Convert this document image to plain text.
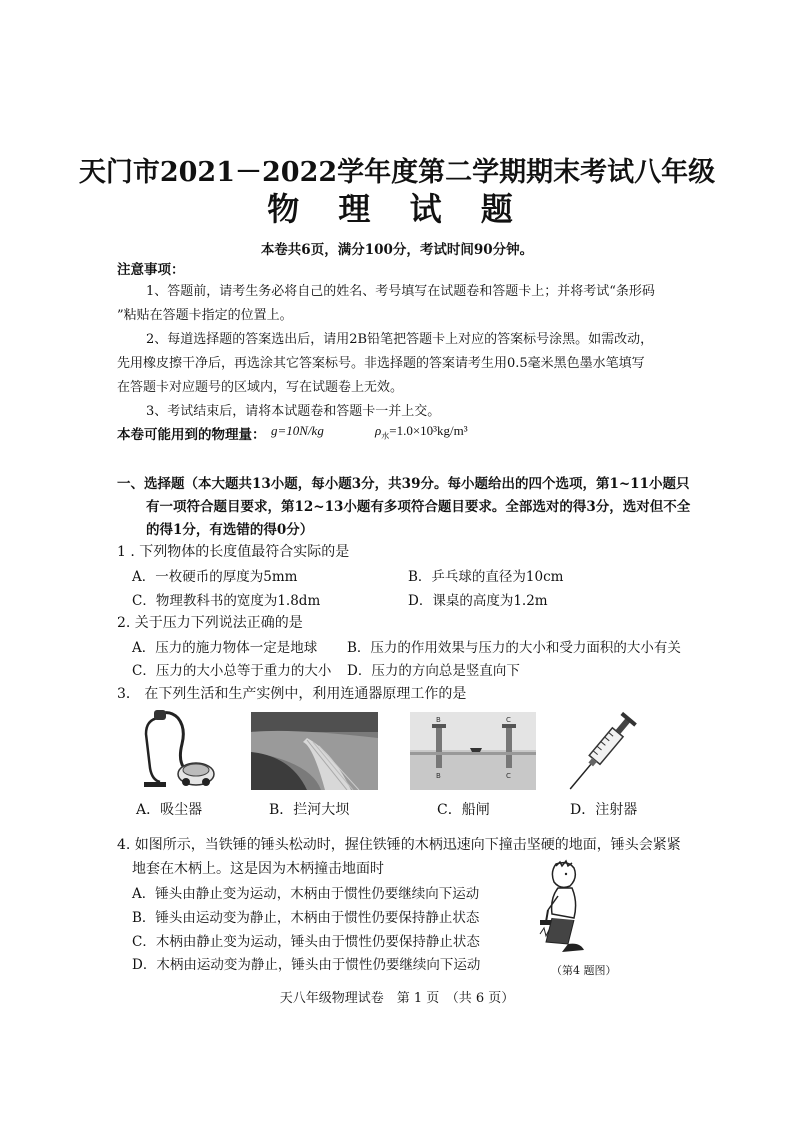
天门市2021－2022学年度第二学期期末考试八年级
物 理 试 题
本卷共6页，满分100分，考试时间90分钟。
注意事项：
1、答题前，请考生务必将自己的姓名、考号填写在试题卷和答题卡上；并将考试“条形码
”粘贴在答题卡指定的位置上。
2、每道选择题的答案选出后，请用2B铅笔把答题卡上对应的答案标号涂黑。如需改动，
先用橡皮擦干净后，再选涂其它答案标号。非选择题的答案请考生用0.5毫米黑色墨水笔填写
在答题卡对应题号的区域内，写在试题卷上无效。
3、考试结束后，请将本试题卷和答题卡一并上交。
本卷可能用到的物理量： g=10N/kg	$\rho_水=1.0\times 10^3kg/m^3$
一、选择题（本大题共13小题，每小题3分，共39分。每小题给出的四个选项，第1~11小题只
有一项符合题目要求，第12~13小题有多项符合题目要求。全部选对的得3分，选对但不全
的得1分，有选错的得0分）
1 . 下列物体的长度值最符合实际的是
A．一枚硬币的厚度为5mm	B．乒乓球的直径为10cm
C．物理教科书的宽度为1.8dm	D．课桌的高度为1.2m
2. 关于压力下列说法正确的是
A．压力的施力物体一定是地球 B．压力的作用效果与压力的大小和受力面积的大小有关
C．压力的大小总等于重力的大小 D．压力的方向总是竖直向下
3． 在下列生活和生产实例中，利用连通器原理工作的是
B	C
B	C
A．吸尘器	B．拦河大坝	C．船闸	D．注射器
4. 如图所示，当铁锤的锤头松动时，握住铁锤的木柄迅速向下撞击坚硬的地面，锤头会紧紧
地套在木柄上。这是因为木柄撞击地面时
A．锤头由静止变为运动，木柄由于惯性仍要继续向下运动
B．锤头由运动变为静止，木柄由于惯性仍要保持静止状态
C．木柄由静止变为运动，锤头由于惯性仍要保持静止状态
D．木柄由运动变为静止，锤头由于惯性仍要继续向下运动	（第4 题图）
天八年级物理试卷　第 1 页　（共 6 页）
